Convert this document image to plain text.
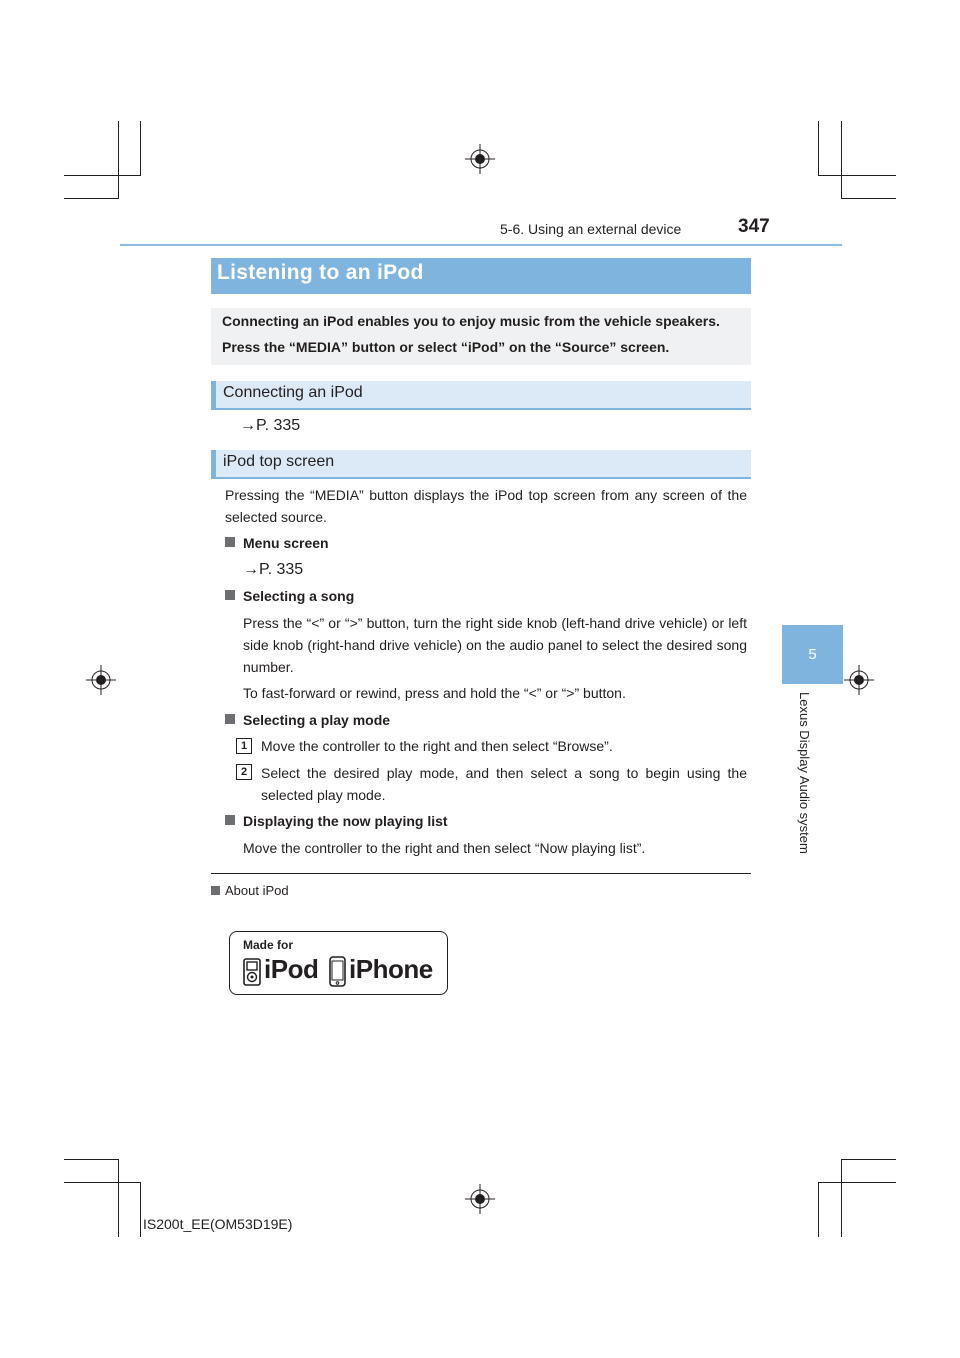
5-6. Using an external device	347
5
Lexus Display Audio system
Listening to an iPod

Connecting an iPod enables you to enjoy music from the vehicle speakers.

Press the “MEDIA” button or select “iPod” on the “Source” screen.

Connecting an iPod
→P. 335
iPod top screen
Pressing the “MEDIA” button displays the iPod top screen from any screen of the selected source.
Menu screen
→P. 335
Selecting a song
Press the “<” or “>” button, turn the right side knob (left-hand drive vehicle) or left side knob (right-hand drive vehicle) on the audio panel to select the desired song number.
To fast-forward or rewind, press and hold the “<” or “>” button.
Selecting a play mode
1 Move the controller to the right and then select “Browse”.
2 Select the desired play mode, and then select a song to begin using the selected play mode.
Displaying the now playing list
Move the controller to the right and then select “Now playing list”.
About iPod
Made for
iPod iPhone
IS200t_EE(OM53D19E)
